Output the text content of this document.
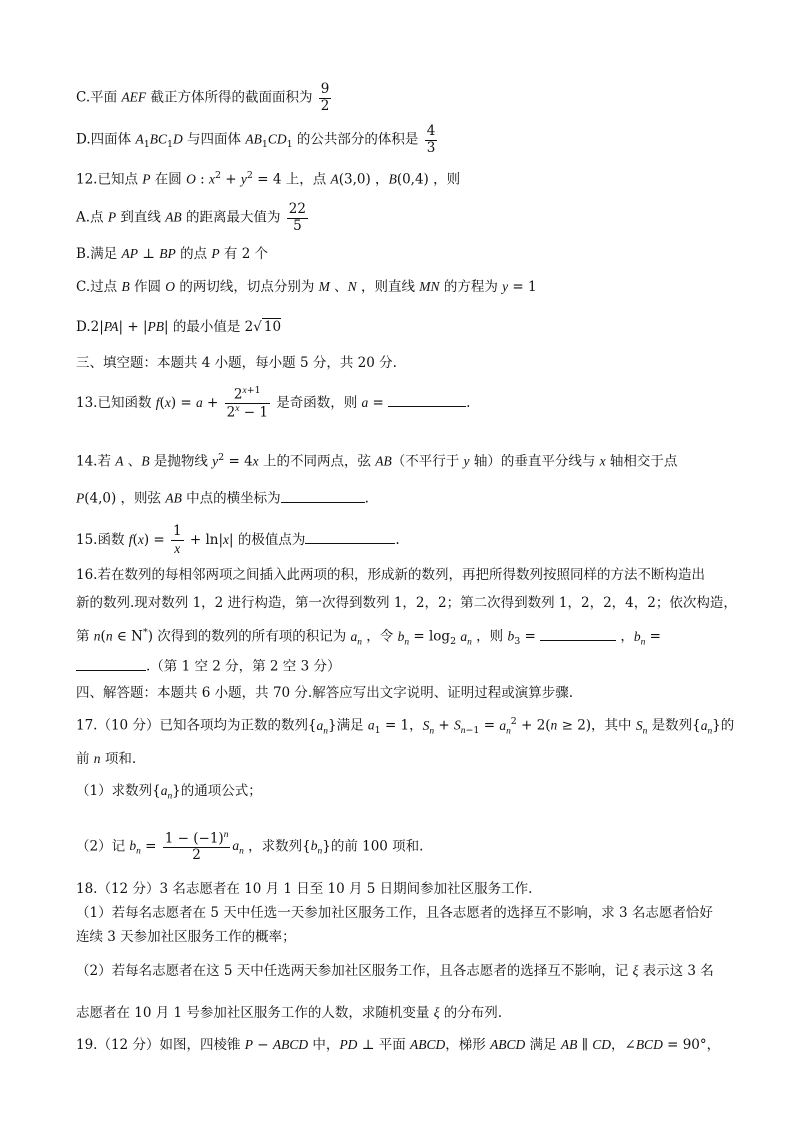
C.平面 AEF 截正方体所得的截面面积为 $\frac{9}{2}$
D.四面体 $A_1BC_1D$ 与四面体 $AB_1CD_1$ 的公共部分的体积是 $\frac{4}{3}$
12.已知点 P 在圆 O : $x^2 + y^2 = 4$ 上，点 A(3,0) ，B(0,4) ，则
A.点 P 到直线 AB 的距离最大值为 $\frac{22}{5}$
B.满足 AP ⊥ BP 的点 P 有 2 个
C.过点 B 作圆 O 的两切线，切点分别为 M 、N ，则直线 MN 的方程为 y = 1
D.2|PA| + |PB| 的最小值是 2√ 10
三、填空题：本题共 4 小题，每小题 5 分，共 20 分.
13.已知函数 $f(x) = a + \frac{2^{x+1}}{2^x - 1}$ 是奇函数，则 a =	.
14.若 A 、B 是抛物线 $y^2 = 4x$ 上的不同两点，弦 AB（不平行于 y 轴）的垂直平分线与 x 轴相交于点
P(4,0) ，则弦 AB 中点的横坐标为	.
15.函数 $f(x) = \frac{1}{x} + \ln|x|$ 的极值点为	.
16.若在数列的每相邻两项之间插入此两项的积，形成新的数列，再把所得数列按照同样的方法不断构造出
新的数列.现对数列 1，2 进行构造，第一次得到数列 1，2，2；第二次得到数列 1，2，2，4，2；依次构造，
第 n(n ∈ N*) 次得到的数列的所有项的积记为 $a_n$ ，令 $b_n = \log_2 a_n$ ，则 $b_3$ =	，$b_n$ =
.（第 1 空 2 分，第 2 空 3 分）
四、解答题：本题共 6 小题，共 70 分.解答应写出文字说明、证明过程或演算步骤.
17.（10 分）已知各项均为正数的数列$\{a_n\}$满足 $a_1 = 1$，$S_n + S_{n-1} = a_n^2 + 2(n \ge 2)$，其中 $S_n$ 是数列$\{a_n\}$的
前 n 项和.
（1）求数列$\{a_n\}$的通项公式；
（2）记 $b_n = \frac{1 - (-1)^n}{2} a_n$ ，求数列$\{b_n\}$的前 100 项和.
18.（12 分）3 名志愿者在 10 月 1 日至 10 月 5 日期间参加社区服务工作.
（1）若每名志愿者在 5 天中任选一天参加社区服务工作，且各志愿者的选择互不影响，求 3 名志愿者恰好
连续 3 天参加社区服务工作的概率；
（2）若每名志愿者在这 5 天中任选两天参加社区服务工作，且各志愿者的选择互不影响，记 ξ 表示这 3 名
志愿者在 10 月 1 号参加社区服务工作的人数，求随机变量 ξ 的分布列.
19.（12 分）如图，四棱锥 P − ABCD 中，PD ⊥ 平面 ABCD，梯形 ABCD 满足 AB ∥ CD，∠BCD = 90°，
